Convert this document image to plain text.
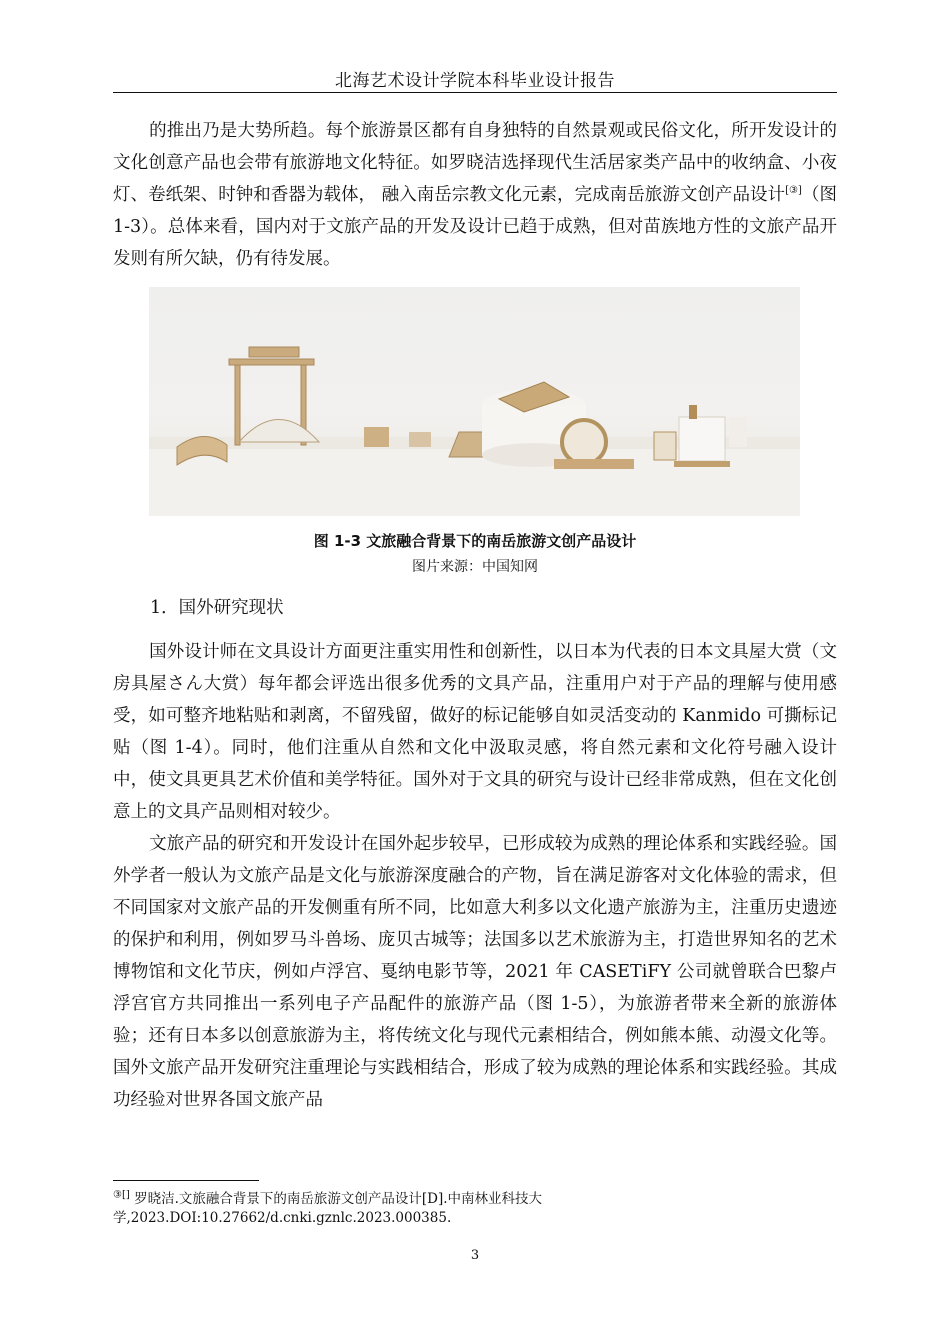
北海艺术设计学院本科毕业设计报告
的推出乃是大势所趋。每个旅游景区都有自身独特的自然景观或民俗文化，所开发设计的文化创意产品也会带有旅游地文化特征。如罗晓洁选择现代生活居家类产品中的收纳盒、小夜灯、卷纸架、时钟和香器为载体， 融入南岳宗教文化元素，完成南岳旅游文创产品设计[③]（图 1-3）。总体来看，国内对于文旅产品的开发及设计已趋于成熟，但对苗族地方性的文旅产品开发则有所欠缺，仍有待发展。
图 1-3 文旅融合背景下的南岳旅游文创产品设计
图片来源：中国知网
1．国外研究现状
国外设计师在文具设计方面更注重实用性和创新性，以日本为代表的日本文具屋大赏（文房具屋さん大赏）每年都会评选出很多优秀的文具产品，注重用户对于产品的理解与使用感受，如可整齐地粘贴和剥离，不留残留，做好的标记能够自如灵活变动的 Kanmido 可撕标记贴（图 1-4）。同时，他们注重从自然和文化中汲取灵感，将自然元素和文化符号融入设计中，使文具更具艺术价值和美学特征。国外对于文具的研究与设计已经非常成熟，但在文化创意上的文具产品则相对较少。
文旅产品的研究和开发设计在国外起步较早，已形成较为成熟的理论体系和实践经验。国外学者一般认为文旅产品是文化与旅游深度融合的产物，旨在满足游客对文化体验的需求，但不同国家对文旅产品的开发侧重有所不同，比如意大利多以文化遗产旅游为主，注重历史遗迹的保护和利用，例如罗马斗兽场、庞贝古城等；法国多以艺术旅游为主，打造世界知名的艺术博物馆和文化节庆，例如卢浮宫、戛纳电影节等，2021 年 CASETiFY 公司就曾联合巴黎卢浮宫官方共同推出一系列电子产品配件的旅游产品（图 1-5），为旅游者带来全新的旅游体验；还有日本多以创意旅游为主，将传统文化与现代元素相结合，例如熊本熊、动漫文化等。国外文旅产品开发研究注重理论与实践相结合，形成了较为成熟的理论体系和实践经验。其成功经验对世界各国文旅产品
③[] 罗晓洁.文旅融合背景下的南岳旅游文创产品设计[D].中南林业科技大学,2023.DOI:10.27662/d.cnki.gznlc.2023.000385.
3
